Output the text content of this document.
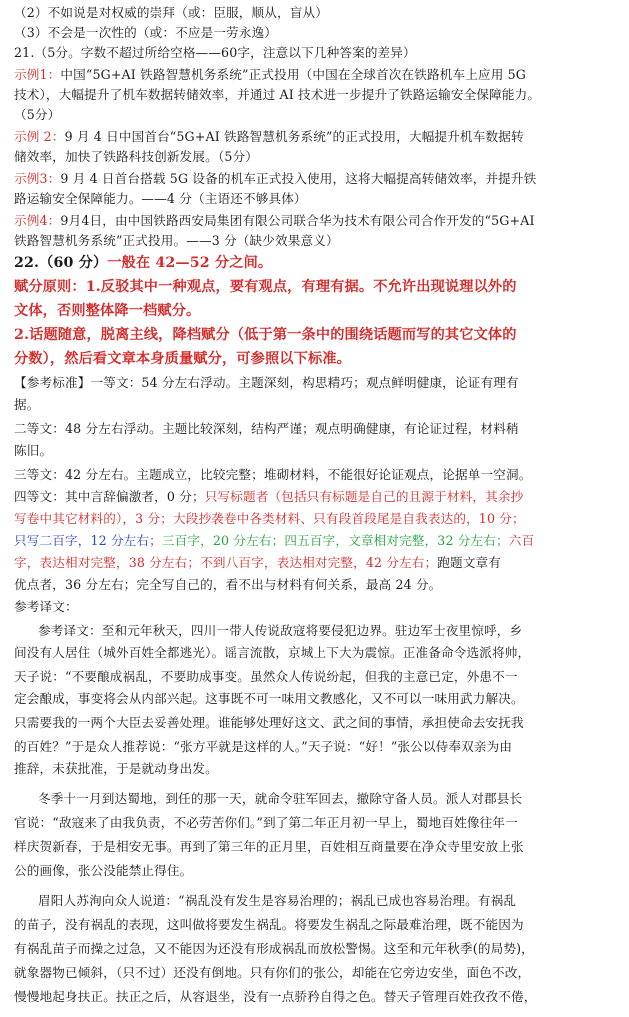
（2）不如说是对权威的崇拜（或：臣服，顺从，盲从）
（3）不会是一次性的（或：不应是一劳永逸）
21.（5分。字数不超过所给空格——60字，注意以下几种答案的差异）
示例1：中国“5G+AI 铁路智慧机务系统”正式投用（中国在全球首次在铁路机车上应用 5G
技术），大幅提升了机车数据转储效率，并通过 AI 技术进一步提升了铁路运输安全保障能力。
（5分）
示例 2：9 月 4 日中国首台“5G+AI 铁路智慧机务系统”的正式投用，大幅提升机车数据转
储效率，加快了铁路科技创新发展。（5分）
示例3：9 月 4 日首台搭载 5G 设备的机车正式投入使用，这将大幅提高转储效率，并提升铁
路运输安全保障能力。——4 分（主语还不够具体）
示例4：9月4日，由中国铁路西安局集团有限公司联合华为技术有限公司合作开发的“5G+AI
铁路智慧机务系统”正式投用。——3 分（缺少效果意义）
22.（60 分）一般在 42—52 分之间。
赋分原则：1.反驳其中一种观点，要有观点，有理有据。不允许出现说理以外的
文体，否则整体降一档赋分。
2.话题随意，脱离主线，降档赋分（低于第一条中的围绕话题而写的其它文体的
分数），然后看文章本身质量赋分，可参照以下标准。
【参考标准】一等文：54 分左右浮动。主题深刻，构思精巧；观点鲜明健康，论证有理有
据。
二等文：48 分左右浮动。主题比较深刻，结构严谨；观点明确健康，有论证过程，材料稍
陈旧。
三等文：42 分左右。主题成立，比较完整；堆砌材料，不能很好论证观点，论据单一空洞。
四等文：其中言辞偏激者，0 分；只写标题者（包括只有标题是自己的且源于材料，其余抄
写卷中其它材料的），3 分；大段抄袭卷中各类材料、只有段首段尾是自我表达的，10 分；
只写二百字，12 分左右；三百字，20 分左右；四五百字，文章相对完整，32 分左右；六百
字，表达相对完整，38 分左右；不到八百字，表达相对完整，42 分左右；跑题文章有
优点者，36 分左右；完全写自己的，看不出与材料有何关系，最高 24 分。
参考译文：
参考译文：至和元年秋天，四川一带人传说敌寇将要侵犯边界。驻边军士夜里惊呼，乡
间没有人居住（城外百姓全都逃光）。谣言流散，京城上下大为震惊。正准备命令选派将帅，
天子说：“不要酿成祸乱，不要助成事变。虽然众人传说纷起，但我的主意已定，外患不一
定会酿成，事变将会从内部兴起。这事既不可一味用文教感化，又不可以一味用武力解决。
只需要我的一两个大臣去妥善处理。谁能够处理好这文、武之间的事情，承担使命去安抚我
的百姓？”于是众人推荐说：“张方平就是这样的人。”天子说：“好！”张公以侍奉双亲为由
推辞，未获批准，于是就动身出发。
冬季十一月到达蜀地，到任的那一天，就命令驻军回去，撤除守备人员。派人对郡县长
官说：“敌寇来了由我负责，不必劳苦你们。”到了第二年正月初一早上，蜀地百姓像往年一
样庆贺新春，于是相安无事。再到了第三年的正月里，百姓相互商量要在净众寺里安放上张
公的画像，张公没能禁止得住。
眉阳人苏洵向众人说道：“祸乱没有发生是容易治理的；祸乱已成也容易治理。有祸乱
的苗子，没有祸乱的表现，这叫做将要发生祸乱。将要发生祸乱之际最难治理，既不能因为
有祸乱苗子而操之过急，又不能因为还没有形成祸乱而放松警惕。这至和元年秋季(的局势)，
就象器物已倾斜，（只不过）还没有倒地。只有你们的张公，却能在它旁边安坐，面色不改，
慢慢地起身扶正。扶正之后，从容退坐，没有一点骄矜自得之色。替天子管理百姓孜孜不倦，
